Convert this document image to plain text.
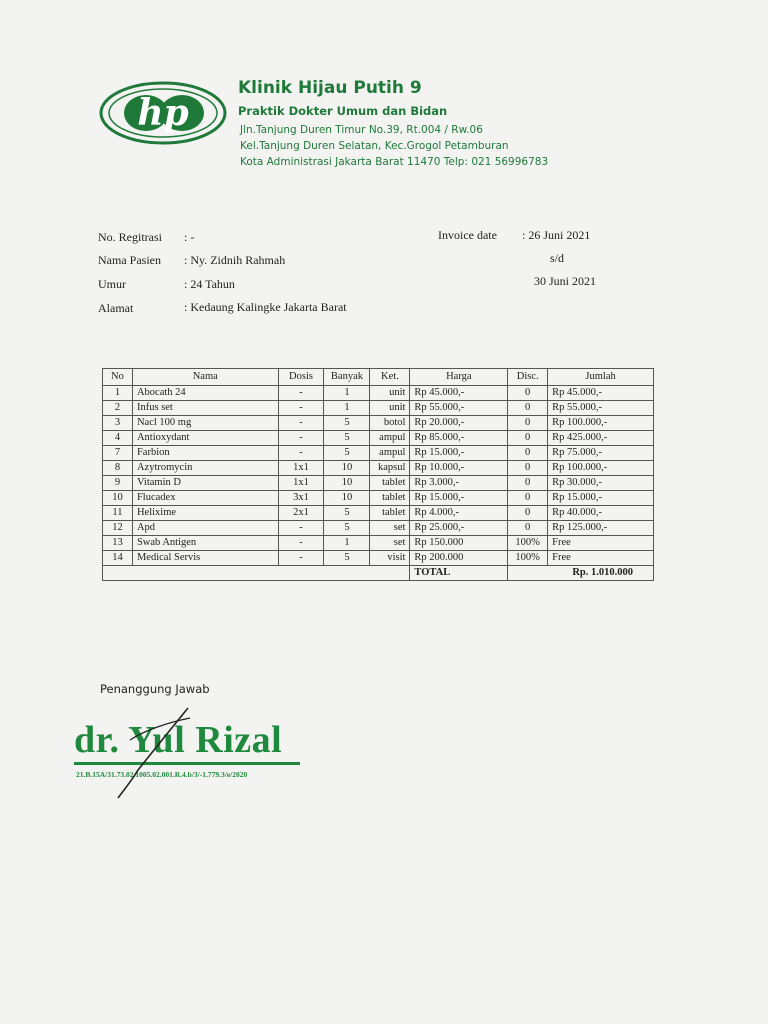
hp
Klinik Hijau Putih 9
Praktik Dokter Umum dan Bidan
Jln.Tanjung Duren Timur No.39, Rt.004 / Rw.06
Kel.Tanjung Duren Selatan, Kec.Grogol Petamburan
Kota Administrasi Jakarta Barat 11470 Telp: 021 56996783
No. Regitrasi : -
Nama Pasien : Ny. Zidnih Rahmah
Umur	: 24 Tahun
Alamat	: Kedaung Kalingke Jakarta Barat
Invoice date : 26 Juni 2021
s/d
30 Juni 2021
No	Nama	Dosis	Banyak	Ket.	Harga	Disc.	Jumlah
1	Abocath 24	-	1	unit	Rp 45.000,-	0	Rp 45.000,-
2	Infus set	-	1	unit	Rp 55.000,-	0	Rp 55.000,-
3	Nacl 100 mg	-	5	botol	Rp 20.000,-	0	Rp 100.000,-
4	Antioxydant	-	5	ampul	Rp 85.000,-	0	Rp 425.000,-
7	Farbion	-	5	ampul	Rp 15.000,-	0	Rp 75.000,-
8	Azytromycin	1x1	10	kapsul	Rp 10.000,-	0	Rp 100.000,-
9	Vitamin D	1x1	10	tablet	Rp 3.000,-	0	Rp 30.000,-
10	Flucadex	3x1	10	tablet	Rp 15.000,-	0	Rp 15.000,-
11	Helixime	2x1	5	tablet	Rp 4.000,-	0	Rp 40.000,-
12	Apd	-	5	set	Rp 25.000,-	0	Rp 125.000,-
13	Swab Antigen	-	1	set	Rp 150.000	100%	Free
14	Medical Servis	-	5	visit	Rp 200.000	100%	Free
					TOTAL	Rp. 1.010.000	
Penanggung Jawab
dr. Yul Rizal
21.B.15A/31.73.02.1005.02.001.R.4.b/3/-1.779.3/e/2020
